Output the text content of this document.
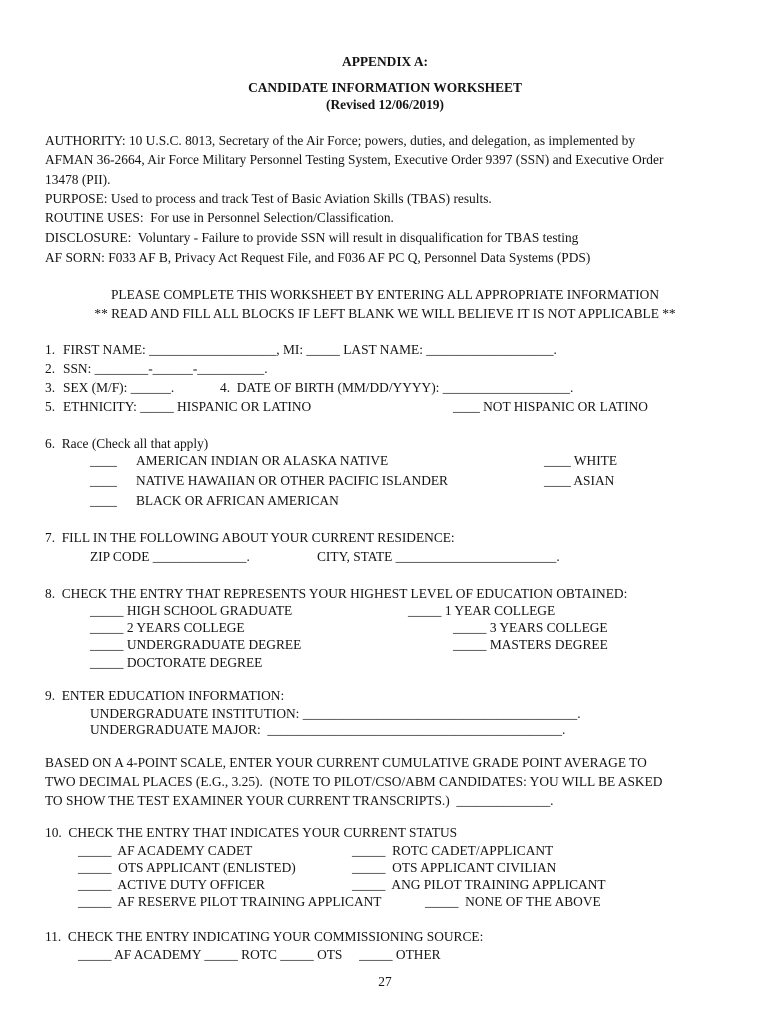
APPENDIX A:
CANDIDATE INFORMATION WORKSHEET
(Revised 12/06/2019)
AUTHORITY: 10 U.S.C. 8013, Secretary of the Air Force; powers, duties, and delegation, as implemented by
AFMAN 36-2664, Air Force Military Personnel Testing System, Executive Order 9397 (SSN) and Executive Order
13478 (PII).
PURPOSE: Used to process and track Test of Basic Aviation Skills (TBAS) results.
ROUTINE USES:  For use in Personnel Selection/Classification.
DISCLOSURE:  Voluntary - Failure to provide SSN will result in disqualification for TBAS testing
AF SORN: F033 AF B, Privacy Act Request File, and F036 AF PC Q, Personnel Data Systems (PDS)
PLEASE COMPLETE THIS WORKSHEET BY ENTERING ALL APPROPRIATE INFORMATION
** READ AND FILL ALL BLOCKS IF LEFT BLANK WE WILL BELIEVE IT IS NOT APPLICABLE **
1. FIRST NAME: ___________________, MI: _____ LAST NAME: ___________________.
2. SSN: ________-______-__________.
3. SEX (M/F): ______.	4.  DATE OF BIRTH (MM/DD/YYYY): ___________________.
5. ETHNICITY: _____ HISPANIC OR LATINO	____ NOT HISPANIC OR LATINO
6.  Race (Check all that apply)
____ AMERICAN INDIAN OR ALASKA NATIVE	____ WHITE
____ NATIVE HAWAIIAN OR OTHER PACIFIC ISLANDER	____ ASIAN
____ BLACK OR AFRICAN AMERICAN
7.  FILL IN THE FOLLOWING ABOUT YOUR CURRENT RESIDENCE:
ZIP CODE ______________.	CITY, STATE ________________________.
8.  CHECK THE ENTRY THAT REPRESENTS YOUR HIGHEST LEVEL OF EDUCATION OBTAINED:
_____ HIGH SCHOOL GRADUATE	_____ 1 YEAR COLLEGE
_____ 2 YEARS COLLEGE	_____ 3 YEARS COLLEGE
_____ UNDERGRADUATE DEGREE	_____ MASTERS DEGREE
_____ DOCTORATE DEGREE
9.  ENTER EDUCATION INFORMATION:
UNDERGRADUATE INSTITUTION: _________________________________________.
UNDERGRADUATE MAJOR:  ____________________________________________.
BASED ON A 4-POINT SCALE, ENTER YOUR CURRENT CUMULATIVE GRADE POINT AVERAGE TO
TWO DECIMAL PLACES (E.G., 3.25).  (NOTE TO PILOT/CSO/ABM CANDIDATES: YOU WILL BE ASKED
TO SHOW THE TEST EXAMINER YOUR CURRENT TRANSCRIPTS.)  ______________.
10.  CHECK THE ENTRY THAT INDICATES YOUR CURRENT STATUS
_____  AF ACADEMY CADET	_____  ROTC CADET/APPLICANT
_____  OTS APPLICANT (ENLISTED)	_____  OTS APPLICANT CIVILIAN
_____  ACTIVE DUTY OFFICER	_____  ANG PILOT TRAINING APPLICANT
_____  AF RESERVE PILOT TRAINING APPLICANT	_____  NONE OF THE ABOVE
11.  CHECK THE ENTRY INDICATING YOUR COMMISSIONING SOURCE:
_____ AF ACADEMY _____ ROTC _____ OTS     _____ OTHER
27
